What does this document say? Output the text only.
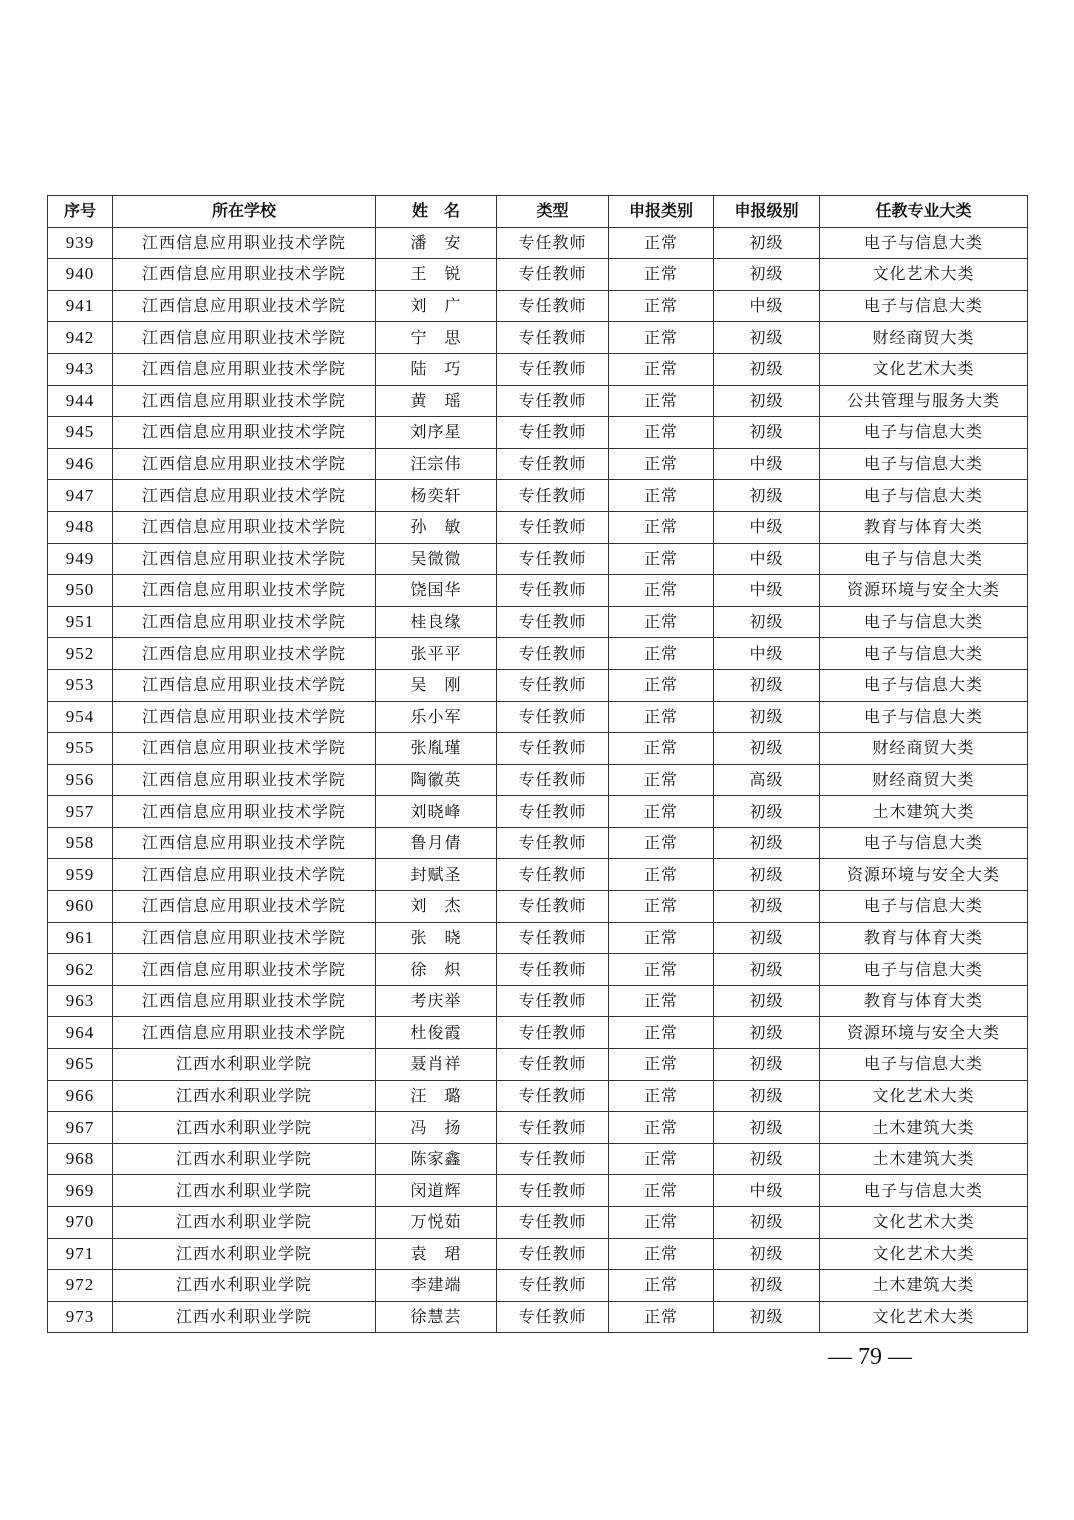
序号	所在学校	姓　名	类型	申报类别	申报级别	任教专业大类
939	江西信息应用职业技术学院	潘　安	专任教师	正常	初级	电子与信息大类
940	江西信息应用职业技术学院	王　锐	专任教师	正常	初级	文化艺术大类
941	江西信息应用职业技术学院	刘　广	专任教师	正常	中级	电子与信息大类
942	江西信息应用职业技术学院	宁　思	专任教师	正常	初级	财经商贸大类
943	江西信息应用职业技术学院	陆　巧	专任教师	正常	初级	文化艺术大类
944	江西信息应用职业技术学院	黄　瑶	专任教师	正常	初级	公共管理与服务大类
945	江西信息应用职业技术学院	刘序星	专任教师	正常	初级	电子与信息大类
946	江西信息应用职业技术学院	汪宗伟	专任教师	正常	中级	电子与信息大类
947	江西信息应用职业技术学院	杨奕轩	专任教师	正常	初级	电子与信息大类
948	江西信息应用职业技术学院	孙　敏	专任教师	正常	中级	教育与体育大类
949	江西信息应用职业技术学院	吴微微	专任教师	正常	中级	电子与信息大类
950	江西信息应用职业技术学院	饶国华	专任教师	正常	中级	资源环境与安全大类
951	江西信息应用职业技术学院	桂良缘	专任教师	正常	初级	电子与信息大类
952	江西信息应用职业技术学院	张平平	专任教师	正常	中级	电子与信息大类
953	江西信息应用职业技术学院	吴　刚	专任教师	正常	初级	电子与信息大类
954	江西信息应用职业技术学院	乐小军	专任教师	正常	初级	电子与信息大类
955	江西信息应用职业技术学院	张胤瑾	专任教师	正常	初级	财经商贸大类
956	江西信息应用职业技术学院	陶徽英	专任教师	正常	高级	财经商贸大类
957	江西信息应用职业技术学院	刘晓峰	专任教师	正常	初级	土木建筑大类
958	江西信息应用职业技术学院	鲁月倩	专任教师	正常	初级	电子与信息大类
959	江西信息应用职业技术学院	封赋圣	专任教师	正常	初级	资源环境与安全大类
960	江西信息应用职业技术学院	刘　杰	专任教师	正常	初级	电子与信息大类
961	江西信息应用职业技术学院	张　晓	专任教师	正常	初级	教育与体育大类
962	江西信息应用职业技术学院	徐　炽	专任教师	正常	初级	电子与信息大类
963	江西信息应用职业技术学院	考庆举	专任教师	正常	初级	教育与体育大类
964	江西信息应用职业技术学院	杜俊霞	专任教师	正常	初级	资源环境与安全大类
965	江西水利职业学院	聂肖祥	专任教师	正常	初级	电子与信息大类
966	江西水利职业学院	汪　璐	专任教师	正常	初级	文化艺术大类
967	江西水利职业学院	冯　扬	专任教师	正常	初级	土木建筑大类
968	江西水利职业学院	陈家鑫	专任教师	正常	初级	土木建筑大类
969	江西水利职业学院	闵道辉	专任教师	正常	中级	电子与信息大类
970	江西水利职业学院	万悦茹	专任教师	正常	初级	文化艺术大类
971	江西水利职业学院	袁　珺	专任教师	正常	初级	文化艺术大类
972	江西水利职业学院	李建端	专任教师	正常	初级	土木建筑大类
973	江西水利职业学院	徐慧芸	专任教师	正常	初级	文化艺术大类
— 79 —
